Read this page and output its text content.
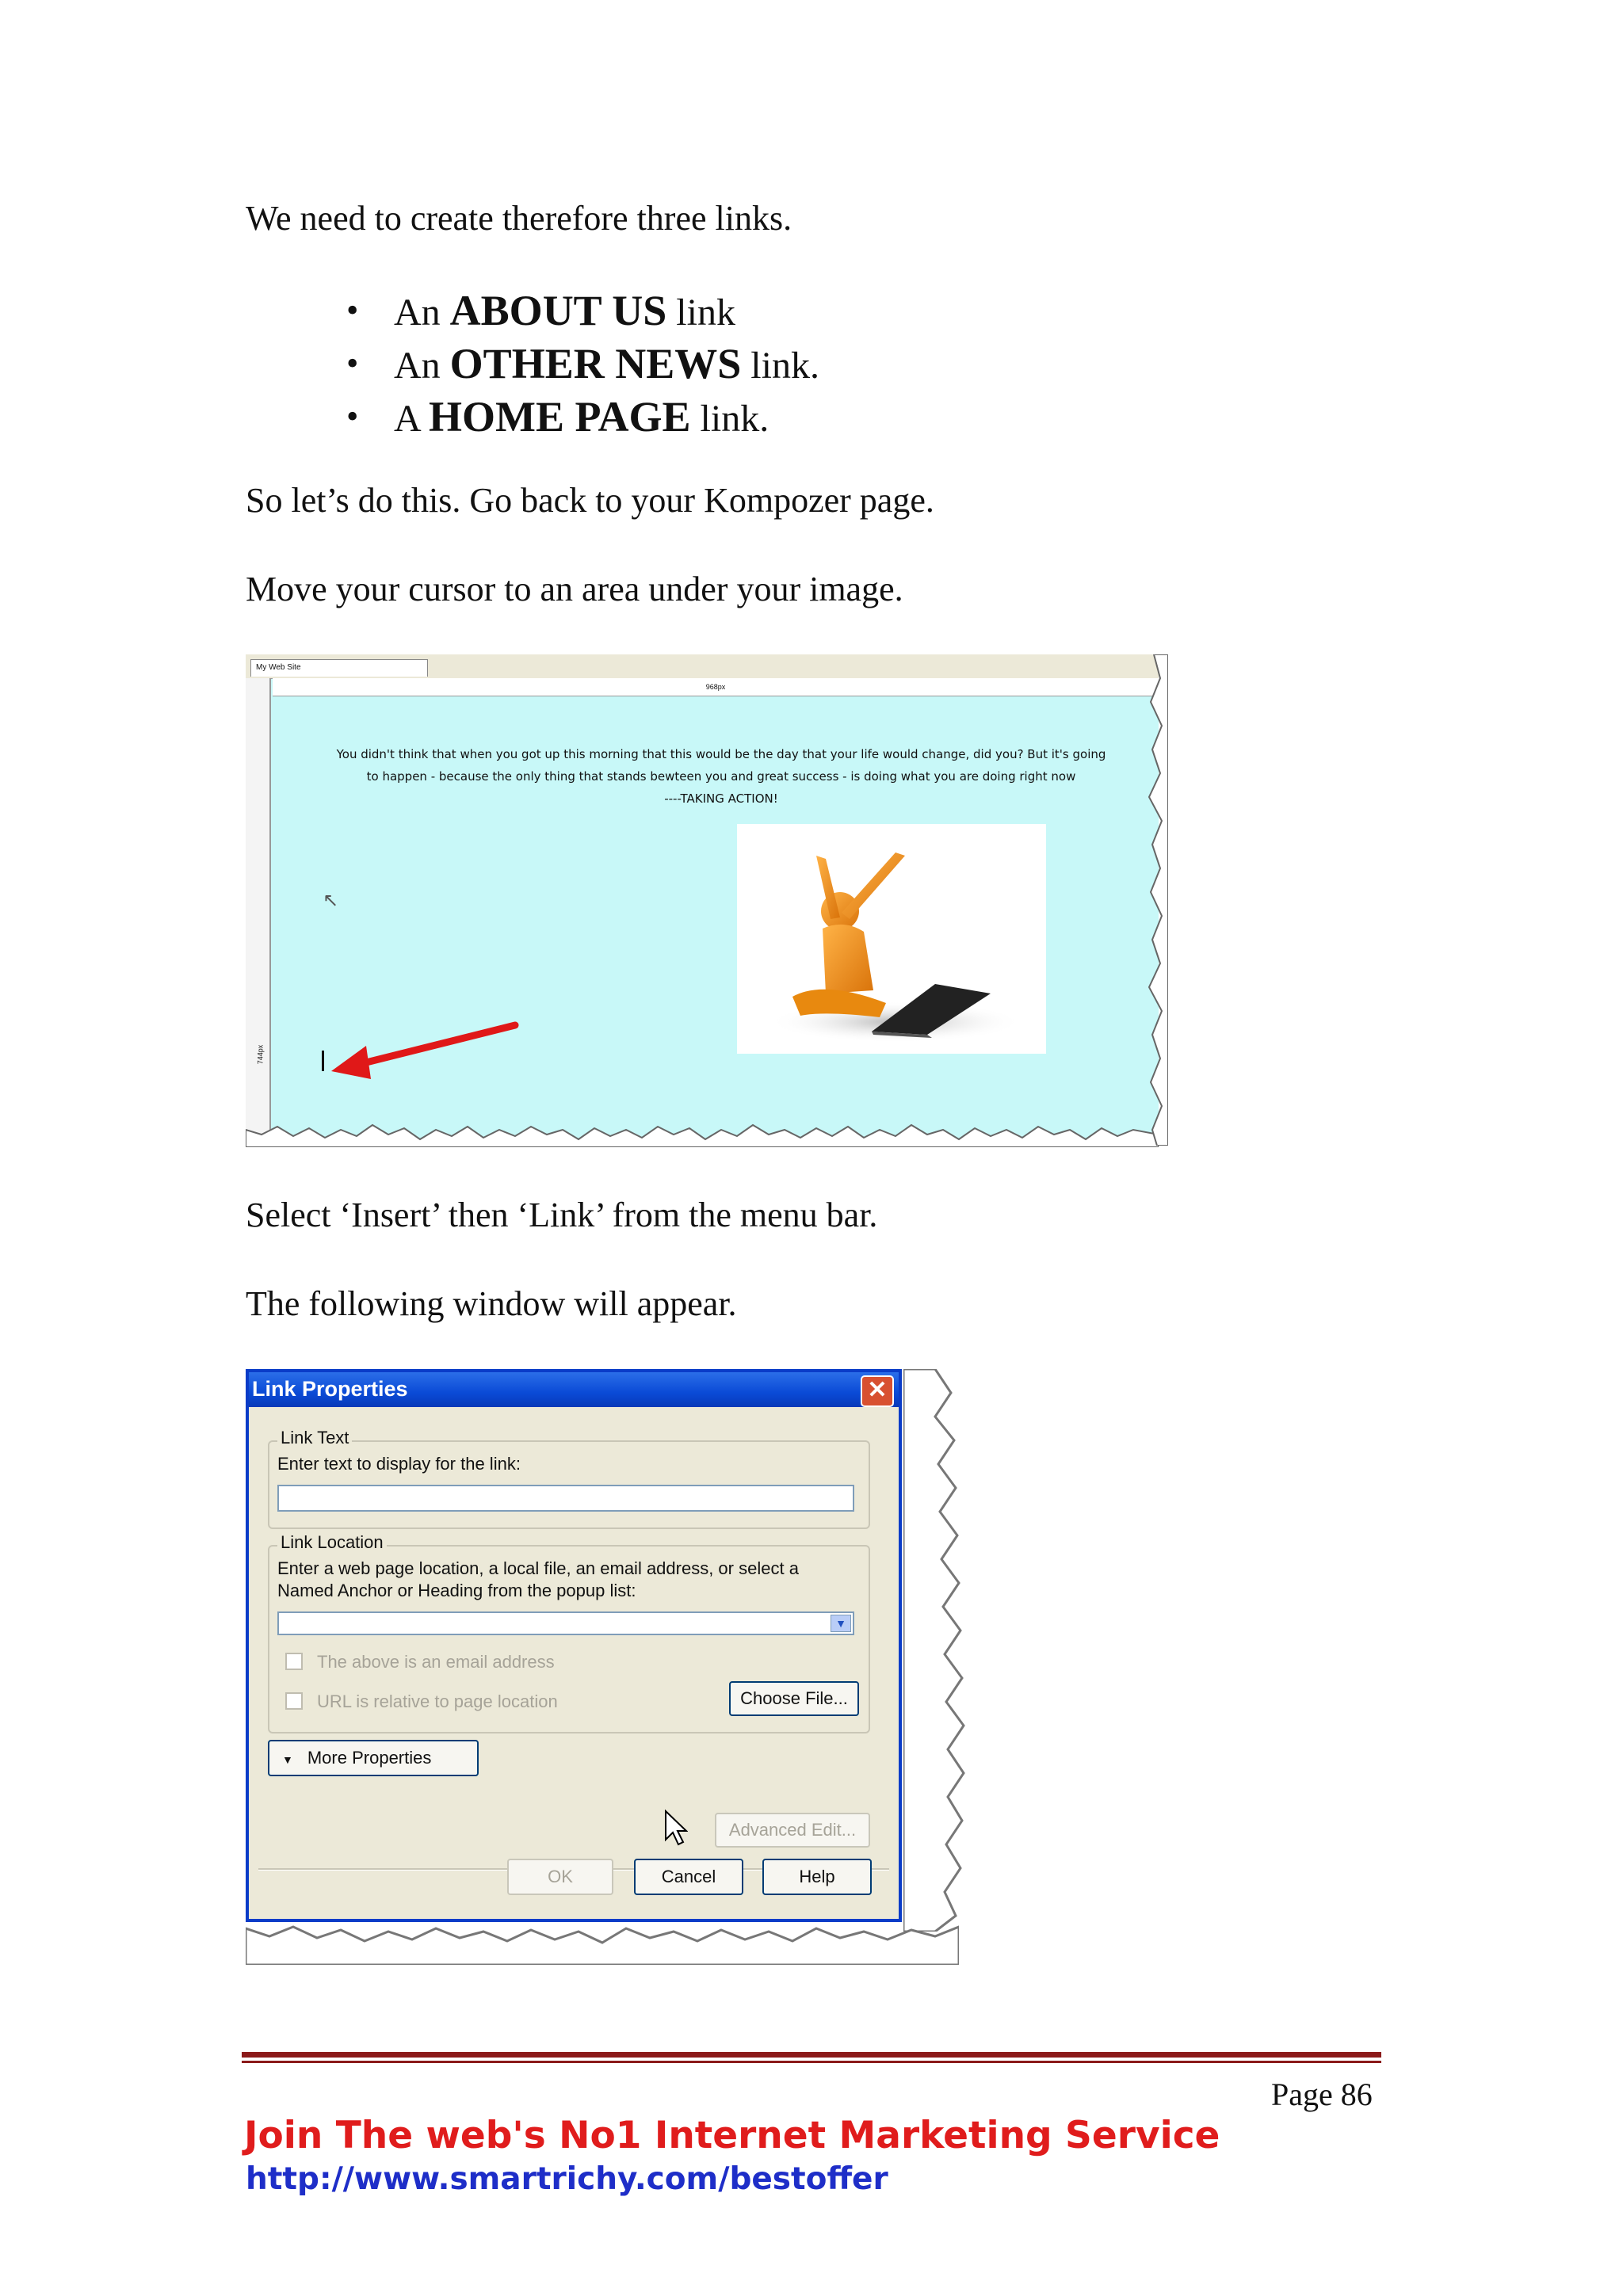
We need to create therefore three links.
• An ABOUT US link
• An OTHER NEWS link.
• A HOME PAGE link.
So let’s do this. Go back to your Kompozer page.
Move your cursor to an area under your image.
My Web Site
968px
744px
You didn't think that when you got up this morning that this would be the day that your life would change, did you? But it's going
to happen - because the only thing that stands bewteen you and great success - is doing what you are doing right now
----TAKING ACTION!
↖
Select ‘Insert’ then ‘Link’ from the menu bar.
The following window will appear.
Link Properties	✕
Link Text
Enter text to display for the link:
Link Location
Enter a web page location, a local file, an email address, or select a
Named Anchor or Heading from the popup list:
▼
The above is an email address
URL is relative to page location	Choose File...
▼ More Properties
Advanced Edit...
OK	Cancel	Help
Page 86
Join The web's No1 Internet Marketing Service
http://www.smartrichy.com/bestoffer
